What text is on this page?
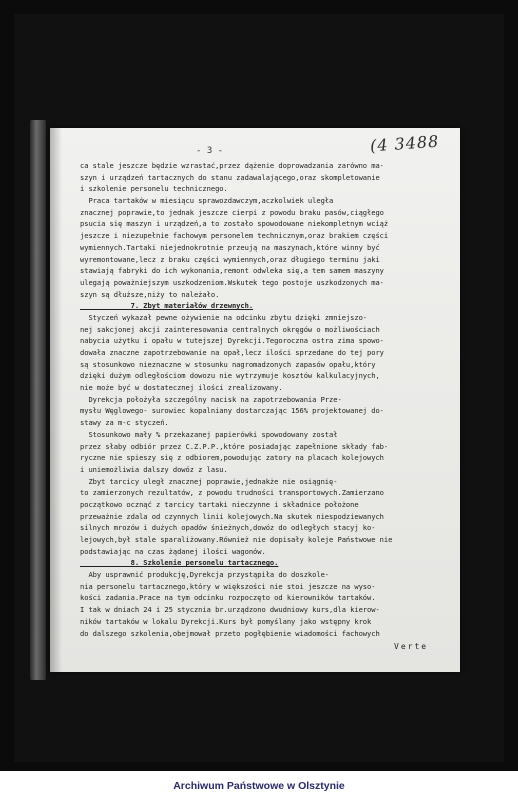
- 3 -	(4 3488
ca stale jeszcze będzie wzrastać,przez dążenie doprowadzania zarówno ma-
szyn i urządzeń tartacznych do stanu zadawalającego,oraz skompletowanie
i szkolenie personelu technicznego.
Praca tartaków w miesiącu sprawozdawczym,aczkolwiek uległa
znacznej poprawie,to jednak jeszcze cierpi z powodu braku pasów,ciągłego
psucia się maszyn i urządzeń,a to zostało spowodowane niekompletnym wciąż
jeszcze i niezupełnie fachowym personelem technicznym,oraz brakiem części
wymiennych.Tartaki niejednokrotnie przeują na maszynach,które winny być
wyremontowane,lecz z braku części wymiennych,oraz długiego terminu jaki
stawiają fabryki do ich wykonania,remont odwleka się,a tem samem maszyny
ulegają poważniejszym uszkodzeniom.Wskutek tego postoje uszkodzonych ma-
szyn są dłuższe,niży to należało.
7. Zbyt materiałów drzewnych.
Styczeń wykazał pewne ożywienie na odcinku zbytu dzięki zmniejszo-
nej sakcjonej akcji zainteresowania centralnych okręgów o możliwościach
nabycia użytku i opału w tutejszej Dyrekcji.Tegoroczna ostra zima spowo-
dowała znaczne zapotrzebowanie na opał,lecz ilości sprzedane do tej pory
są stosunkowo nieznaczne w stosunku nagromadzonych zapasów opału,który
dzięki dużym odległościom dowozu nie wytrzymuje kosztów kalkulacyjnych,
nie może być w dostatecznej ilości zrealizowany.
Dyrekcja położyła szczególny nacisk na zapotrzebowania Prze-
mysłu Węglowego- surowiec kopalniany dostarczając 156% projektowanej do-
stawy za m-c styczeń.
Stosunkowo mały % przekazanej papierówki spowodowany został
przez słaby odbiór przez C.Z.P.P.,które posiadając zapełnione składy fab-
ryczne nie spieszy się z odbiorem,powodując zatory na placach kolejowych
i uniemożliwia dalszy dowóz z lasu.
Zbyt tarcicy uległ znacznej poprawie,jednakże nie osiągnię-
to zamierzonych rezultatów, z powodu trudności transportowych.Zamierzano
początkowo ocznąć z tarcicy tartaki nieczynne i składnice położone
przeważnie zdala od czynnych linii kolejowych.Na skutek niespodziewanych
silnych mrozów i dużych opadów śnieżnych,dowóz do odległych stacyj ko-
lejowych,był stale sparaliżowany.Również nie dopisały koleje Państwowe nie
podstawiając na czas żądanej ilości wagonów.
8. Szkolenie personelu tartacznego.
Aby usprawnić produkcję,Dyrekcja przystąpiła do doszkole-
nia personelu tartacznego,który w większości nie stoi jeszcze na wyso-
kości zadania.Prace na tym odcinku rozpoczęto od kierowników tartaków.
I tak w dniach 24 i 25 stycznia br.urządzono dwudniowy kurs,dla kierow-
ników tartaków w lokalu Dyrekcji.Kurs był pomyślany jako wstępny krok
do dalszego szkolenia,obejmował przeto pogłębienie wiadomości fachowych
Verte
Archiwum Państwowe w Olsztynie
